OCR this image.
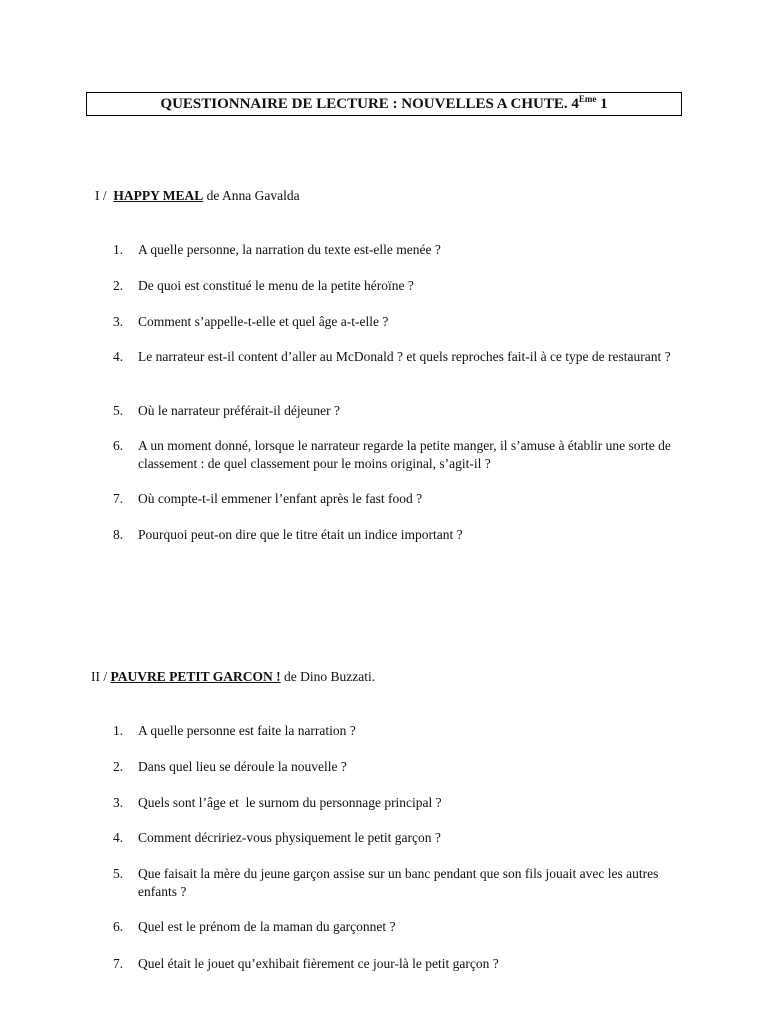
QUESTIONNAIRE DE LECTURE : NOUVELLES A CHUTE. 4Eme 1
I /  HAPPY MEAL de Anna Gavalda
1.	A quelle personne, la narration du texte est-elle menée ?
2.	De quoi est constitué le menu de la petite héroïne ?
3.	Comment s’appelle-t-elle et quel âge a-t-elle ?
4.	Le narrateur est-il content d’aller au McDonald ? et quels reproches fait-il à ce type de restaurant ?
5.	Où le narrateur préférait-il déjeuner ?
6.	A un moment donné, lorsque le narrateur regarde la petite manger, il s’amuse à établir une sorte de classement : de quel classement pour le moins original, s’agit-il ?
7.	Où compte-t-il emmener l’enfant après le fast food ?
8.	Pourquoi peut-on dire que le titre était un indice important ?
II / PAUVRE PETIT GARCON ! de Dino Buzzati.
1.	A quelle personne est faite la narration ?
2.	Dans quel lieu se déroule la nouvelle ?
3.	Quels sont l’âge et  le surnom du personnage principal ?
4.	Comment décririez-vous physiquement le petit garçon ?
5.	Que faisait la mère du jeune garçon assise sur un banc pendant que son fils jouait avec les autres enfants ?
6.	Quel est le prénom de la maman du garçonnet ?
7.	Quel était le jouet qu’exhibait fièrement ce jour-là le petit garçon ?
